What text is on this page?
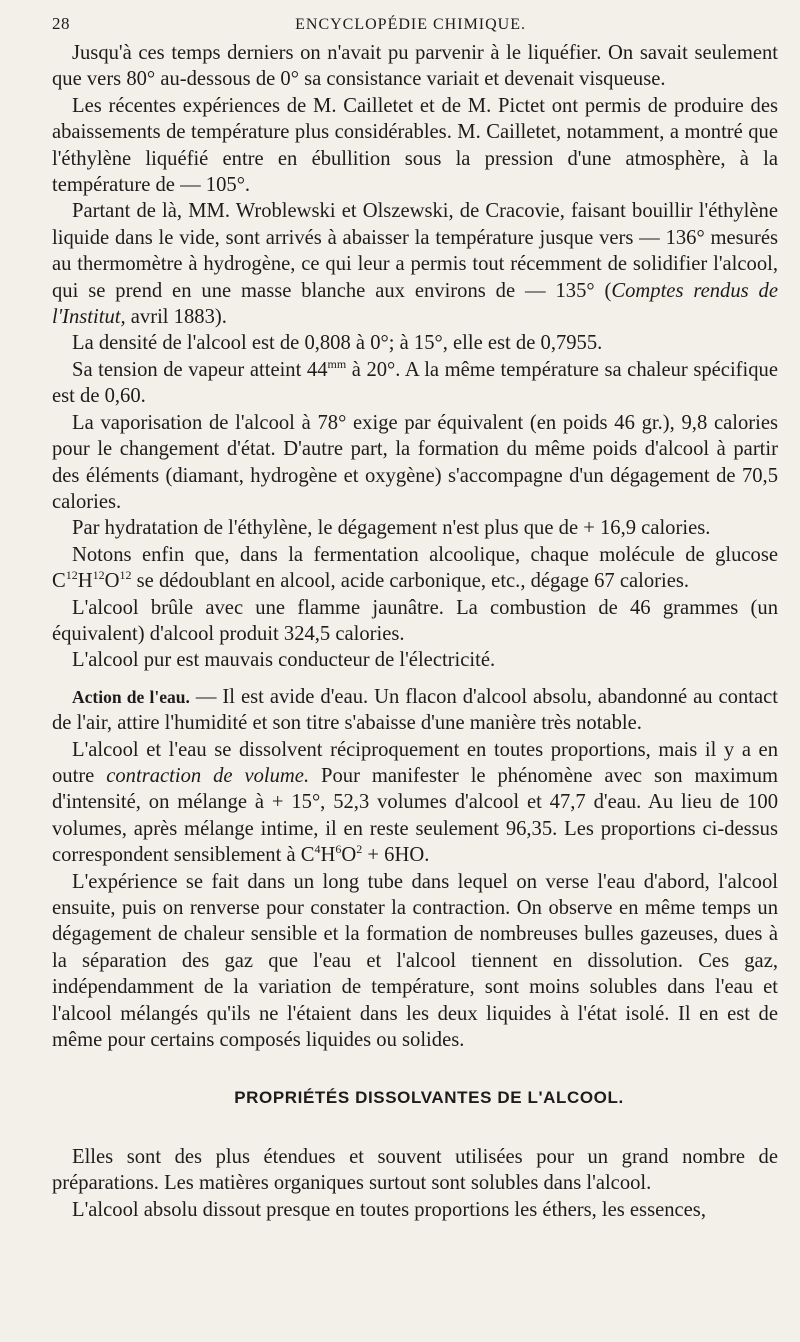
28	ENCYCLOPÉDIE CHIMIQUE.

Jusqu'à ces temps derniers on n'avait pu parvenir à le liquéfier. On savait seulement que vers 80° au-dessous de 0° sa consistance variait et devenait visqueuse.

Les récentes expériences de M. Cailletet et de M. Pictet ont permis de produire des abaissements de température plus considérables. M. Cailletet, notamment, a montré que l'éthylène liquéfié entre en ébullition sous la pression d'une atmosphère, à la température de — 105°.

Partant de là, MM. Wroblewski et Olszewski, de Cracovie, faisant bouillir l'éthylène liquide dans le vide, sont arrivés à abaisser la température jusque vers — 136° mesurés au thermomètre à hydrogène, ce qui leur a permis tout récemment de solidifier l'alcool, qui se prend en une masse blanche aux environs de — 135° (Comptes rendus de l'Institut, avril 1883).

La densité de l'alcool est de 0,808 à 0°; à 15°, elle est de 0,7955.

Sa tension de vapeur atteint $44^{mm}$ à 20°. A la même température sa chaleur spécifique est de 0,60.

La vaporisation de l'alcool à 78° exige par équivalent (en poids 46 gr.), 9,8 calories pour le changement d'état. D'autre part, la formation du même poids d'alcool à partir des éléments (diamant, hydrogène et oxygène) s'accompagne d'un dégagement de 70,5 calories.

Par hydratation de l'éthylène, le dégagement n'est plus que de + 16,9 calories.

Notons enfin que, dans la fermentation alcoolique, chaque molécule de glucose $C^{12}H^{12}O^{12}$ se dédoublant en alcool, acide carbonique, etc., dégage 67 calories.

L'alcool brûle avec une flamme jaunâtre. La combustion de 46 grammes (un équivalent) d'alcool produit 324,5 calories.

L'alcool pur est mauvais conducteur de l'électricité.

Action de l'eau. — Il est avide d'eau. Un flacon d'alcool absolu, abandonné au contact de l'air, attire l'humidité et son titre s'abaisse d'une manière très notable.

L'alcool et l'eau se dissolvent réciproquement en toutes proportions, mais il y a en outre contraction de volume. Pour manifester le phénomène avec son maximum d'intensité, on mélange à + 15°, 52,3 volumes d'alcool et 47,7 d'eau. Au lieu de 100 volumes, après mélange intime, il en reste seulement 96,35. Les proportions ci-dessus correspondent sensiblement à $C^4H^6O^2 + 6HO$.

L'expérience se fait dans un long tube dans lequel on verse l'eau d'abord, l'alcool ensuite, puis on renverse pour constater la contraction. On observe en même temps un dégagement de chaleur sensible et la formation de nombreuses bulles gazeuses, dues à la séparation des gaz que l'eau et l'alcool tiennent en dissolution. Ces gaz, indépendamment de la variation de température, sont moins solubles dans l'eau et l'alcool mélangés qu'ils ne l'étaient dans les deux liquides à l'état isolé. Il en est de même pour certains composés liquides ou solides.

PROPRIÉTÉS DISSOLVANTES DE L'ALCOOL.

Elles sont des plus étendues et souvent utilisées pour un grand nombre de préparations. Les matières organiques surtout sont solubles dans l'alcool.

L'alcool absolu dissout presque en toutes proportions les éthers, les essences,
